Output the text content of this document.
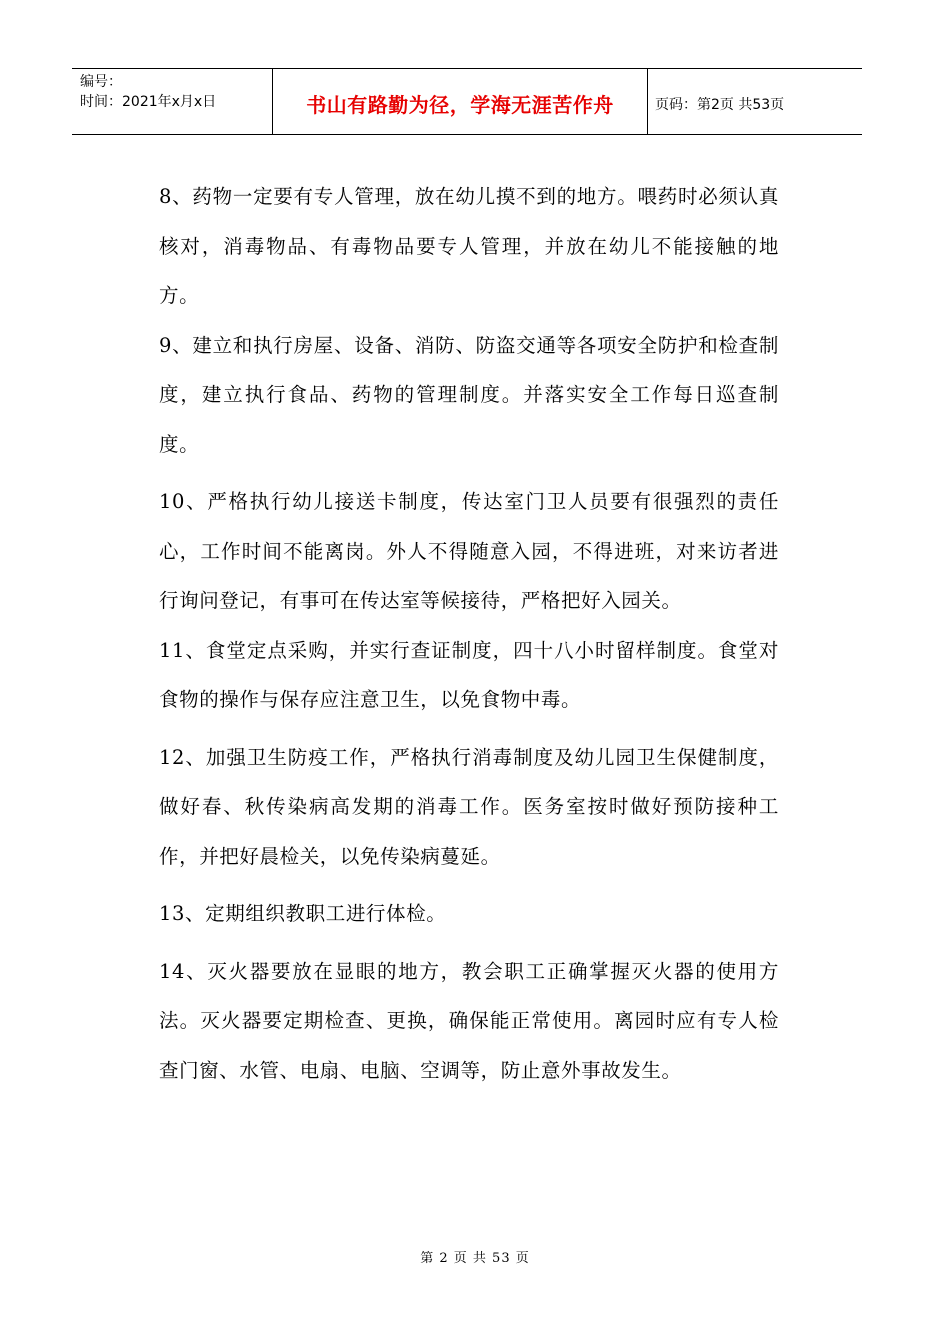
编号：
时间：2021年x月x日	书山有路勤为径，学海无涯苦作舟	页码：第2页 共53页

8、药物一定要有专人管理，放在幼儿摸不到的地方。喂药时必须认真核对，消毒物品、有毒物品要专人管理，并放在幼儿不能接触的地方。

9、建立和执行房屋、设备、消防、防盗交通等各项安全防护和检查制度，建立执行食品、药物的管理制度。并落实安全工作每日巡查制度。

10、严格执行幼儿接送卡制度，传达室门卫人员要有很强烈的责任心，工作时间不能离岗。外人不得随意入园，不得进班，对来访者进行询问登记，有事可在传达室等候接待，严格把好入园关。

11、食堂定点采购，并实行查证制度，四十八小时留样制度。食堂对食物的操作与保存应注意卫生，以免食物中毒。

12、加强卫生防疫工作，严格执行消毒制度及幼儿园卫生保健制度，做好春、秋传染病高发期的消毒工作。医务室按时做好预防接种工作，并把好晨检关，以免传染病蔓延。

13、定期组织教职工进行体检。

14、灭火器要放在显眼的地方，教会职工正确掌握灭火器的使用方法。灭火器要定期检查、更换，确保能正常使用。离园时应有专人检查门窗、水管、电扇、电脑、空调等，防止意外事故发生。

第 2 页 共 53 页
